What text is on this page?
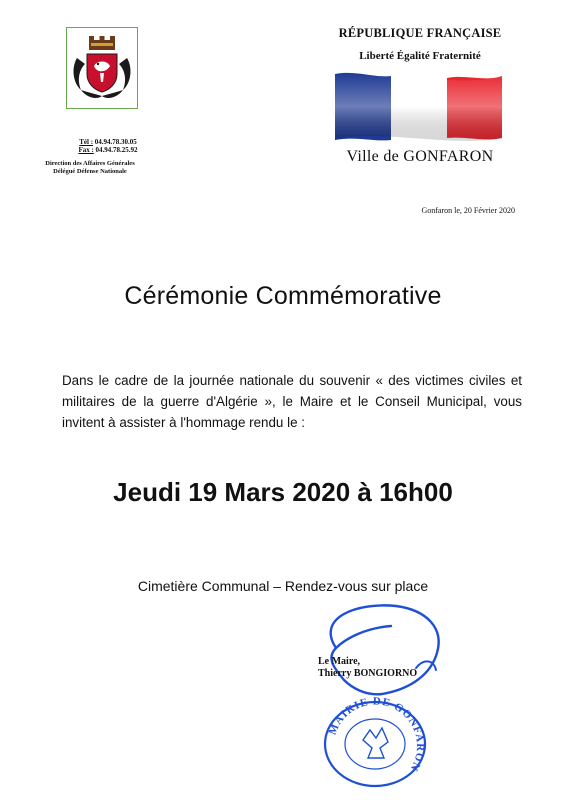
Tél : 04.94.78.30.05
Fax : 04.94.78.25.92
Direction des Affaires Générales
Délégué Défense Nationale
RÉPUBLIQUE FRANÇAISE
Liberté Égalité Fraternité
Ville de GONFARON
Gonfaron le, 20 Février 2020
Cérémonie Commémorative
Dans le cadre de la journée nationale du souvenir « des victimes civiles et militaires de la guerre d'Algérie », le Maire et le Conseil Municipal, vous invitent à assister à l'hommage rendu le :
Jeudi 19 Mars 2020 à 16h00
Cimetière Communal – Rendez-vous sur place
Le Maire,
Thierry BONGIORNO
MAIRIE DE GONFARON
